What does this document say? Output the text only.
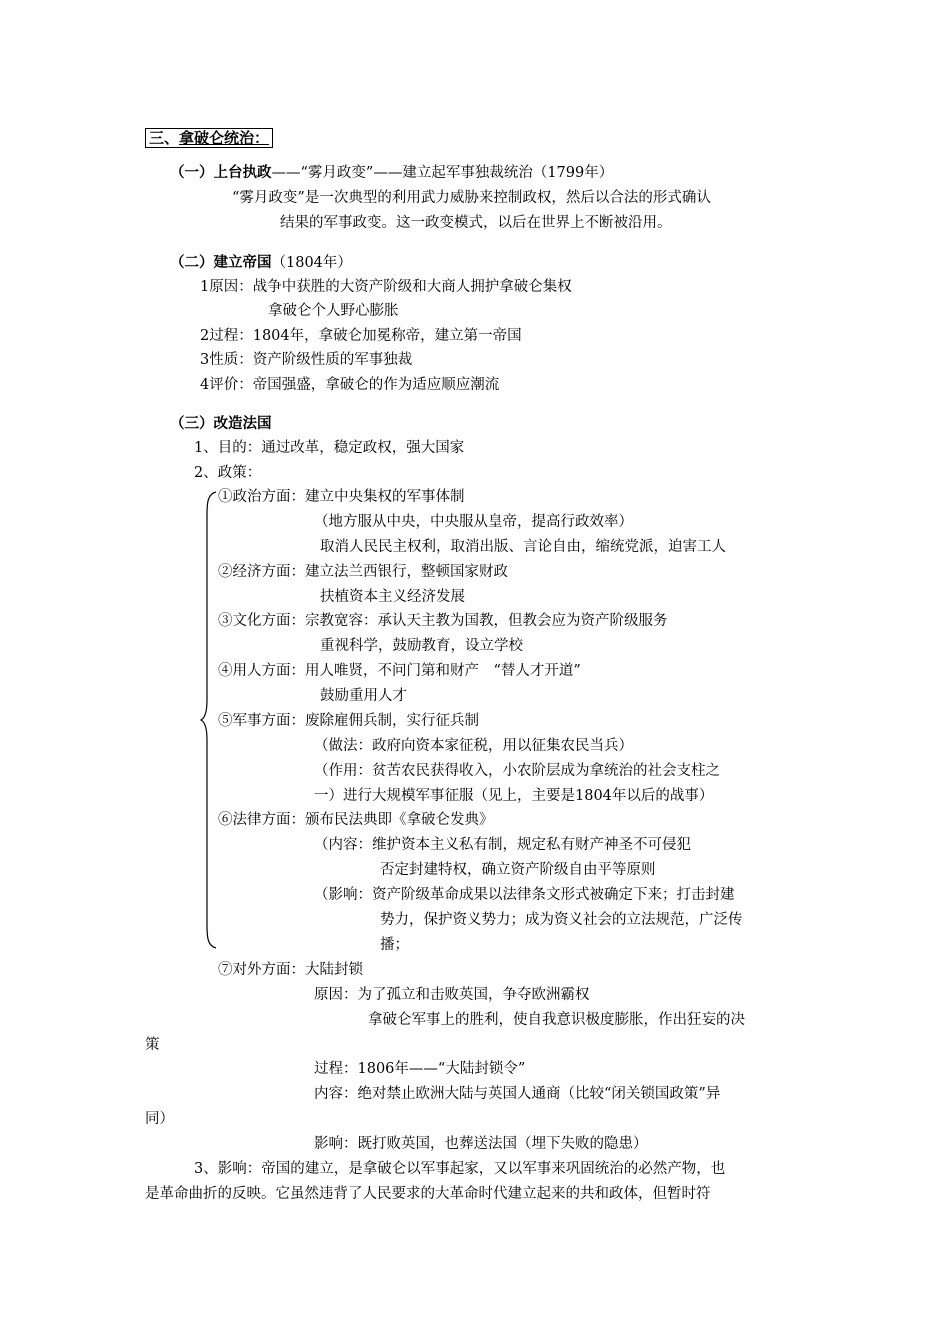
三、拿破仑统治：
（一）上台执政——“雾月政变”——建立起军事独裁统治（1799年）
“雾月政变”是一次典型的利用武力威胁来控制政权，然后以合法的形式确认
结果的军事政变。这一政变模式，以后在世界上不断被沿用。
（二）建立帝国（1804年）
1原因：战争中获胜的大资产阶级和大商人拥护拿破仑集权
拿破仑个人野心膨胀
2过程：1804年，拿破仑加冕称帝，建立第一帝国
3性质：资产阶级性质的军事独裁
4评价：帝国强盛，拿破仑的作为适应顺应潮流
（三）改造法国
1、目的：通过改革，稳定政权，强大国家
2、政策：
①政治方面：建立中央集权的军事体制
（地方服从中央，中央服从皇帝，提高行政效率）
取消人民民主权利，取消出版、言论自由，缩统党派，迫害工人
②经济方面：建立法兰西银行，整顿国家财政
扶植资本主义经济发展
③文化方面：宗教宽容：承认天主教为国教，但教会应为资产阶级服务
重视科学，鼓励教育，设立学校
④用人方面：用人唯贤，不问门第和财产　“替人才开道”
鼓励重用人才
⑤军事方面：废除雇佣兵制，实行征兵制
（做法：政府向资本家征税，用以征集农民当兵）
（作用：贫苦农民获得收入，小农阶层成为拿统治的社会支柱之
一）进行大规模军事征服（见上，主要是1804年以后的战事）
⑥法律方面：颁布民法典即《拿破仑发典》
（内容：维护资本主义私有制，规定私有财产神圣不可侵犯
否定封建特权，确立资产阶级自由平等原则
（影响：资产阶级革命成果以法律条文形式被确定下来；打击封建
势力，保护资义势力；成为资义社会的立法规范，广泛传
播；
⑦对外方面：大陆封锁
原因：为了孤立和击败英国，争夺欧洲霸权
拿破仑军事上的胜利，使自我意识极度膨胀，作出狂妄的决
策
过程：1806年——“大陆封锁令”
内容：绝对禁止欧洲大陆与英国人通商（比较“闭关锁国政策”异
同）
影响：既打败英国，也葬送法国（埋下失败的隐患）
3、影响：帝国的建立，是拿破仑以军事起家，又以军事来巩固统治的必然产物，也
是革命曲折的反映。它虽然违背了人民要求的大革命时代建立起来的共和政体，但暂时符
